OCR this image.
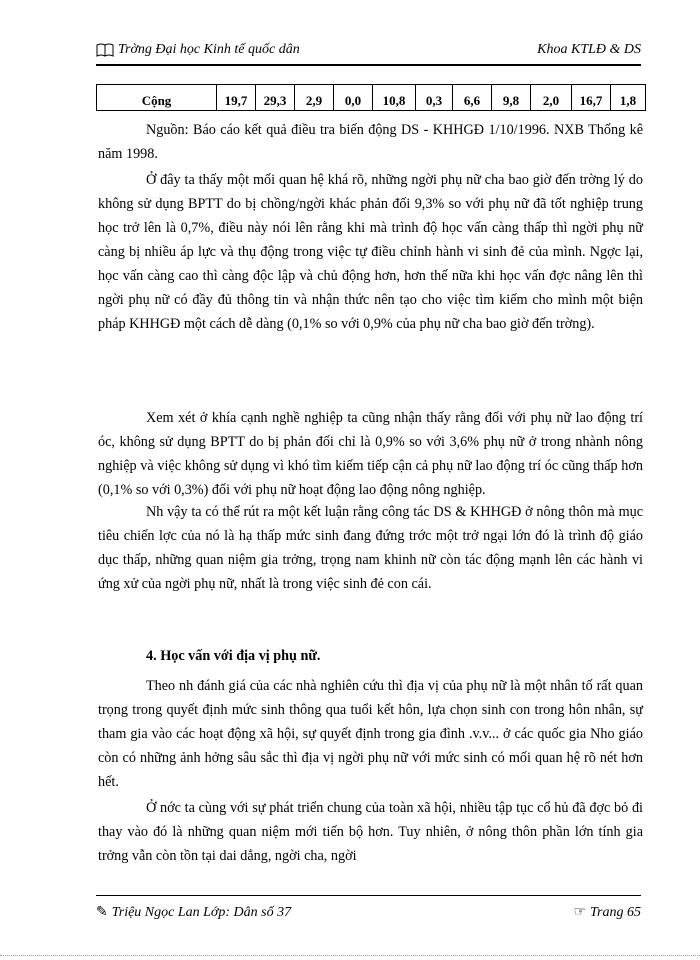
Trờng Đại học Kinh tế quốc dân	Khoa KTLĐ & DS
Cộng	19,7	29,3	2,9	0,0	10,8	0,3	6,6	9,8	2,0	16,7	1,8

Nguồn: Báo cáo kết quả điều tra biến động DS - KHHGĐ 1/10/1996. NXB Thống kê năm 1998.

Ở đây ta thấy một mối quan hệ khá rõ, những ngời phụ nữ cha bao giờ đến trờng lý do không sử dụng BPTT do bị chồng/ngời khác phản đối 9,3% so với phụ nữ đã tốt nghiệp trung học trở lên là 0,7%, điều này nói lên rằng khi mà trình độ học vấn càng thấp thì ngời phụ nữ càng bị nhiều áp lực và thụ động trong việc tự điều chỉnh hành vi sinh đẻ của mình. Ngợc lại, học vấn càng cao thì càng độc lập và chủ động hơn, hơn thế nữa khi học vấn đợc nâng lên thì ngời phụ nữ có đầy đủ thông tin và nhận thức nên tạo cho việc tìm kiếm cho mình một biện pháp KHHGĐ một cách dễ dàng (0,1% so với 0,9% của phụ nữ cha bao giờ đến trờng).

Xem xét ở khía cạnh nghề nghiệp ta cũng nhận thấy rằng đối với phụ nữ lao động trí óc, không sử dụng BPTT do bị phản đối chỉ là 0,9% so với 3,6% phụ nữ ở trong nhành nông nghiệp và việc không sử dụng vì khó tìm kiếm tiếp cận cả phụ nữ lao động trí óc cũng thấp hơn (0,1% so với 0,3%) đối với phụ nữ hoạt động lao động nông nghiệp.

Nh vậy ta có thể rút ra một kết luận rằng công tác DS & KHHGĐ ở nông thôn mà mục tiêu chiến lợc của nó là hạ thấp mức sinh đang đứng trớc một trở ngại lớn đó là trình độ giáo dục thấp, những quan niệm gia trởng, trọng nam khinh nữ còn tác động mạnh lên các hành vi ứng xử của ngời phụ nữ, nhất là trong việc sinh đẻ con cái.

4. Học vấn với địa vị phụ nữ.

Theo nh đánh giá của các nhà nghiên cứu thì địa vị của phụ nữ là một nhân tố rất quan trọng trong quyết định mức sinh thông qua tuổi kết hôn, lựa chọn sinh con trong hôn nhân, sự tham gia vào các hoạt động xã hội, sự quyết định trong gia đình .v.v... ở các quốc gia Nho giáo còn có những ảnh hởng sâu sắc thì địa vị ngời phụ nữ với mức sinh có mối quan hệ rõ nét hơn hết.

Ở nớc ta cùng với sự phát triển chung của toàn xã hội, nhiều tập tục cổ hủ đã đợc bỏ đi thay vào đó là những quan niệm mới tiến bộ hơn. Tuy nhiên, ở nông thôn phần lớn tính gia trởng vẫn còn tồn tại dai dẳng, ngời cha, ngời

✎ Triệu Ngọc Lan Lớp: Dân số 37	☞ Trang 65
